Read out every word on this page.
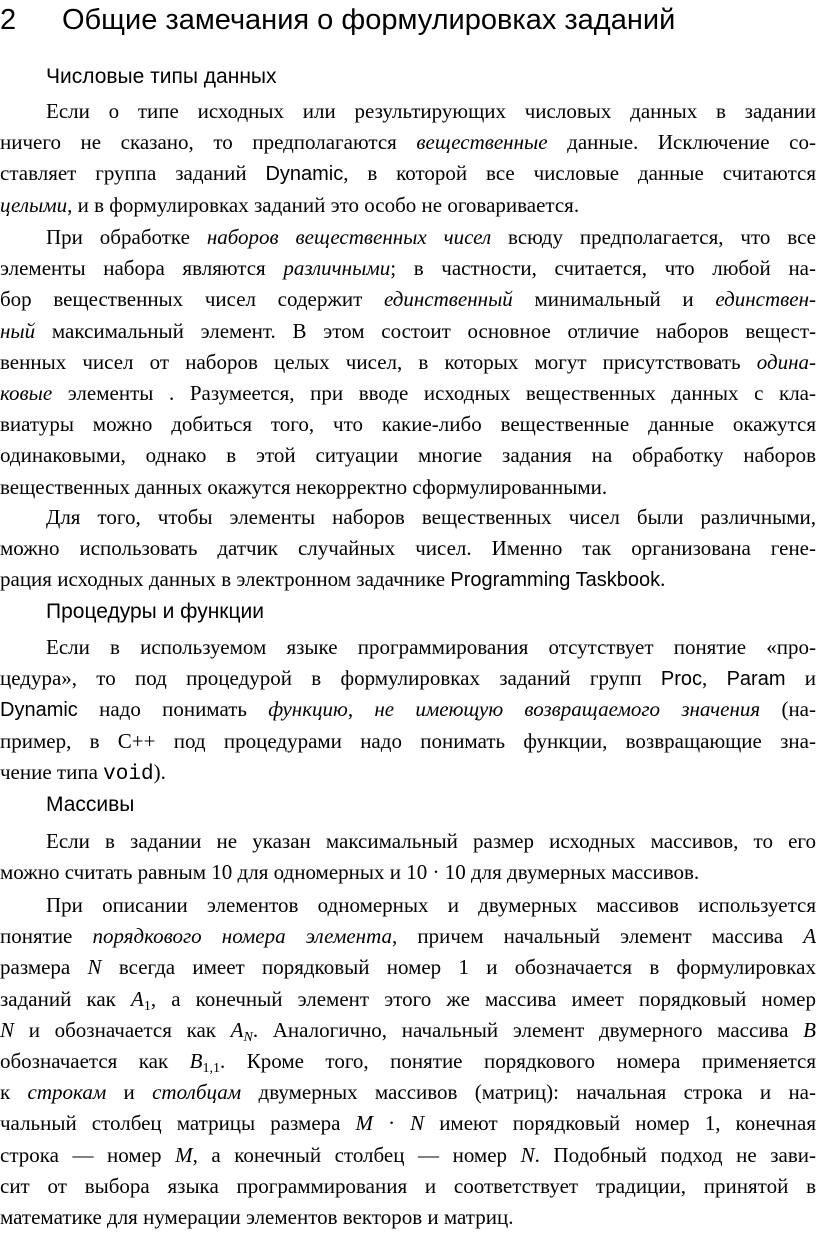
2 Общие замечания о формулировках заданий
Числовые типы данных
Если о типе исходных или результирующих числовых данных в задании
ничего не сказано, то предполагаются вещественные данные. Исключение со-
ставляет группа заданий Dynamic, в которой все числовые данные считаются
целыми, и в формулировках заданий это особо не оговаривается.
При обработке наборов вещественных чисел всюду предполагается, что все
элементы набора являются различными; в частности, считается, что любой на-
бор вещественных чисел содержит единственный минимальный и единствен-
ный максимальный элемент. В этом состоит основное отличие наборов вещест-
венных чисел от наборов целых чисел, в которых могут присутствовать одина-
ковые элементы . Разумеется, при вводе исходных вещественных данных с кла-
виатуры можно добиться того, что какие-либо вещественные данные окажутся
одинаковыми, однако в этой ситуации многие задания на обработку наборов
вещественных данных окажутся некорректно сформулированными.
Для того, чтобы элементы наборов вещественных чисел были различными,
можно использовать датчик случайных чисел. Именно так организована гене-
рация исходных данных в электронном задачнике Programming Taskbook.
Процедуры и функции
Если в используемом языке программирования отсутствует понятие «про-
цедура», то под процедурой в формулировках заданий групп Proc, Param и
Dynamic надо понимать функцию, не имеющую возвращаемого значения (на-
пример, в C++ под процедурами надо понимать функции, возвращающие зна-
чение типа void).
Массивы
Если в задании не указан максимальный размер исходных массивов, то его
можно считать равным 10 для одномерных и 10 · 10 для двумерных массивов.
При описании элементов одномерных и двумерных массивов используется
понятие порядкового номера элемента, причем начальный элемент массива A
размера N всегда имеет порядковый номер 1 и обозначается в формулировках
заданий как $A_1$, а конечный элемент этого же массива имеет порядковый номер
N и обозначается как $A_N$. Аналогично, начальный элемент двумерного массива B
обозначается как $B_{1,1}$. Кроме того, понятие порядкового номера применяется
к строкам и столбцам двумерных массивов (матриц): начальная строка и на-
чальный столбец матрицы размера M · N имеют порядковый номер 1, конечная
строка — номер M, а конечный столбец — номер N. Подобный подход не зави-
сит от выбора языка программирования и соответствует традиции, принятой в
математике для нумерации элементов векторов и матриц.
